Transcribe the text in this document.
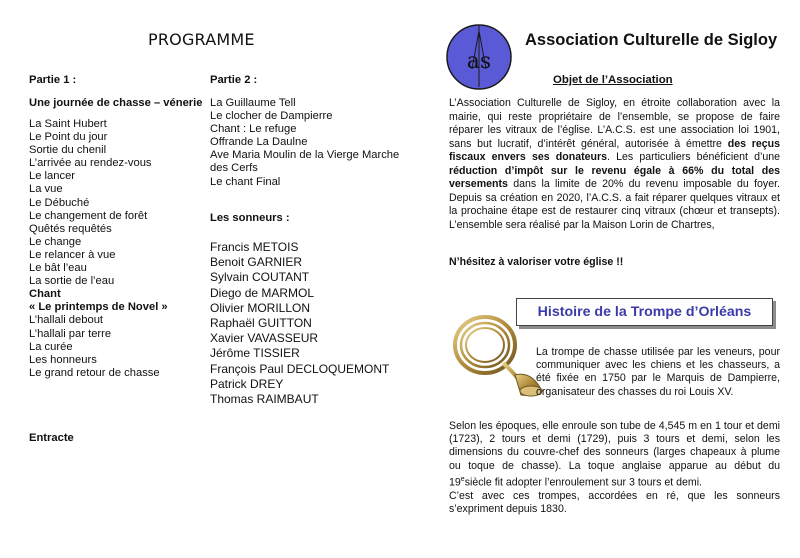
PROGRAMME
Partie 1 :
Une journée de chasse – vénerie
La Saint Hubert
Le Point du jour
Sortie du chenil
L’arrivée au rendez-vous
Le lancer
La vue
Le Débuché
Le changement de forêt
Quêtés requêtés
Le change
Le relancer à vue
Le bât l’eau
La sortie de l’eau
Chant
« Le printemps de Novel »
L’hallali debout
L’hallali par terre
La curée
Les honneurs
Le grand retour de chasse
Partie 2 :
La Guillaume Tell
Le clocher de Dampierre
Chant : Le refuge
Offrande La Daulne
Ave Maria Moulin de la Vierge Marche
des Cerfs
Le chant Final
Les sonneurs :
Francis METOIS
Benoit GARNIER
Sylvain COUTANT
Diego de MARMOL
Olivier MORILLON
Raphaël GUITTON
Xavier VAVASSEUR
Jérôme TISSIER
François Paul DECLOQUEMONT
Patrick DREY
Thomas RAIMBAUT
Entracte
as
Association Culturelle de Sigloy
Objet de l’Association
L’Association Culturelle de Sigloy, en étroite collaboration avec la mairie, qui reste propriétaire de l’ensemble, se propose de faire réparer les vitraux de l’église. L’A.C.S. est une association loi 1901, sans but lucratif, d’intérêt général, autorisée à émettre des reçus fiscaux envers ses donateurs. Les particuliers bénéficient d’une réduction d’impôt sur le revenu égale à 66% du total des versements dans la limite de 20% du revenu imposable du foyer. Depuis sa création en 2020, l’A.C.S. a fait réparer quelques vitraux et la prochaine étape est de restaurer cinq vitraux (chœur et transepts). L’ensemble sera réalisé par la Maison Lorin de Chartres,
N’hésitez à valoriser votre église !!
Histoire de la Trompe d’Orléans
La trompe de chasse utilisée par les veneurs, pour communiquer avec les chiens et les chasseurs, a été fixée en 1750 par le Marquis de Dampierre, organisateur des chasses du roi Louis XV.
Selon les époques, elle enroule son tube de 4,545 m en 1 tour et demi (1723), 2 tours et demi (1729), puis 3 tours et demi, selon les dimensions du couvre-chef des sonneurs (larges chapeaux à plume ou toque de chasse). La toque anglaise apparue au début du 19esiècle fit adopter l’enroulement sur 3 tours et demi.
C’est avec ces trompes, accordées en ré, que les sonneurs s’expriment depuis 1830.
